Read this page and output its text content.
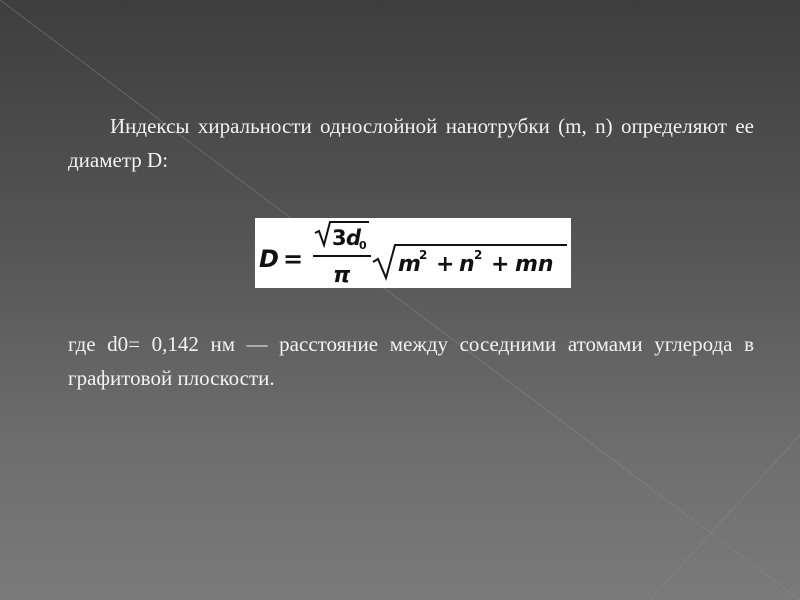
Индексы хиральности однослойной нанотрубки (m, n) определяют ее диаметр D:

D =
3 d
0
π m
2 + n 2 + mn

где d0= 0,142 нм — расстояние между соседними атомами углерода в графитовой плоскости.
